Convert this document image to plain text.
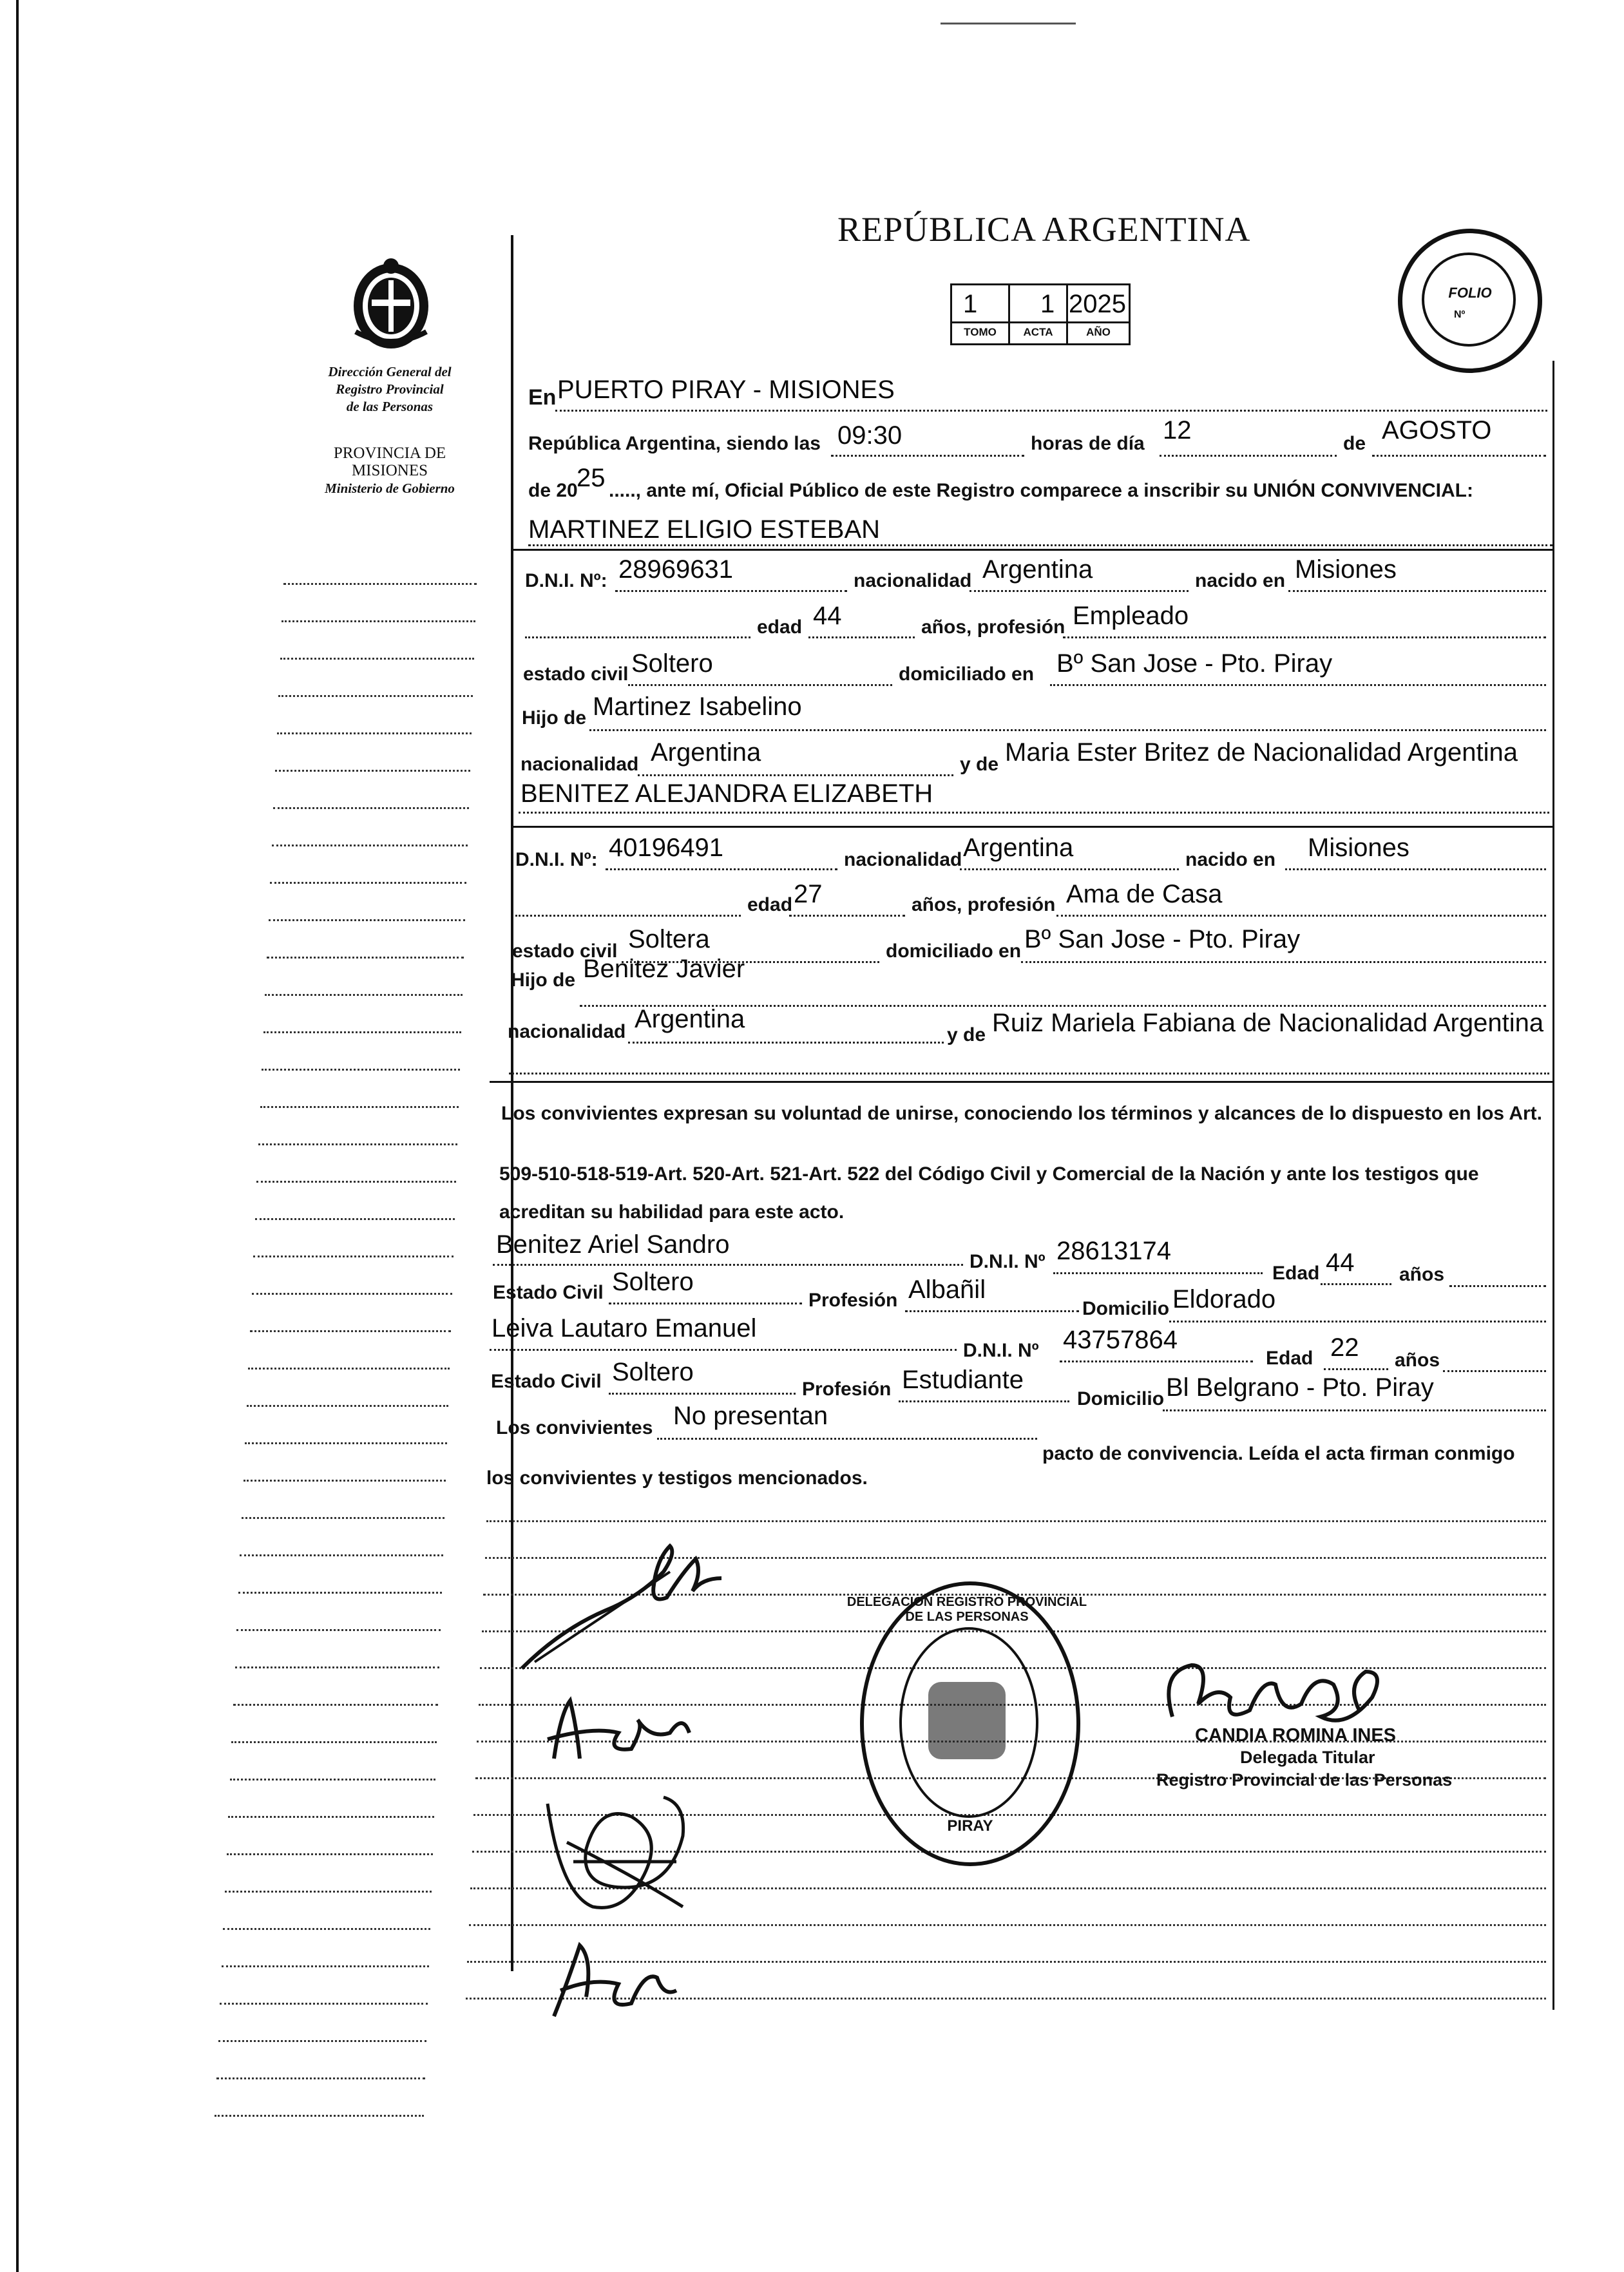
Dirección General del
Registro Provincial
de las Personas
PROVINCIA DE
MISIONES
Ministerio de Gobierno
REPÚBLICA ARGENTINA
1 1 2025
TOMO	ACTA	AÑO
FOLIO
Nº
En PUERTO PIRAY - MISIONES
República Argentina, siendo las 09:30	horas de día 12	de AGOSTO
de 20
25 ....., ante mí, Oficial Público de este Registro comparece a inscribir su UNIÓN CONVIVENCIAL:
MARTINEZ ELIGIO ESTEBAN
D.N.I. Nº: 28969631	nacionalidad Argentina	nacido en Misiones
edad 44	años, profesión Empleado
estado civil Soltero	domiciliado en Bº San Jose - Pto. Piray
Hijo de Martinez Isabelino
nacionalidad Argentina	y de Maria Ester Britez de Nacionalidad Argentina
BENITEZ ALEJANDRA ELIZABETH
D.N.I. Nº: 40196491	nacionalidad Argentina	nacido en Misiones
edad 27	años, profesión Ama de Casa
estado civil Soltera	domiciliado en Bº San Jose - Pto. Piray
Hijo de Benitez Javier
nacionalidad Argentina
y de Ruiz Mariela Fabiana de Nacionalidad Argentina
Los convivientes expresan su voluntad de unirse, conociendo los términos y alcances de lo dispuesto en los Art.
509-510-518-519-Art. 520-Art. 521-Art. 522 del Código Civil y Comercial de la Nación y ante los testigos que
acreditan su habilidad para este acto.
Benitez Ariel Sandro
D.N.I. Nº 28613174
Edad 44 años
Estado Civil Soltero
Profesión Albañil
Domicilio Eldorado
Leiva Lautaro Emanuel
D.N.I. Nº 43757864
Edad 22 años
Estado Civil Soltero
Profesión Estudiante
Domicilio Bl Belgrano - Pto. Piray
Los convivientes No presentan
pacto de convivencia. Leída el acta firman conmigo
los convivientes y testigos mencionados.
DELEGACION REGISTRO PROVINCIAL DE LAS PERSONAS
PIRAY
CANDIA ROMINA INES
Delegada Titular
Registro Provincial de las Personas
